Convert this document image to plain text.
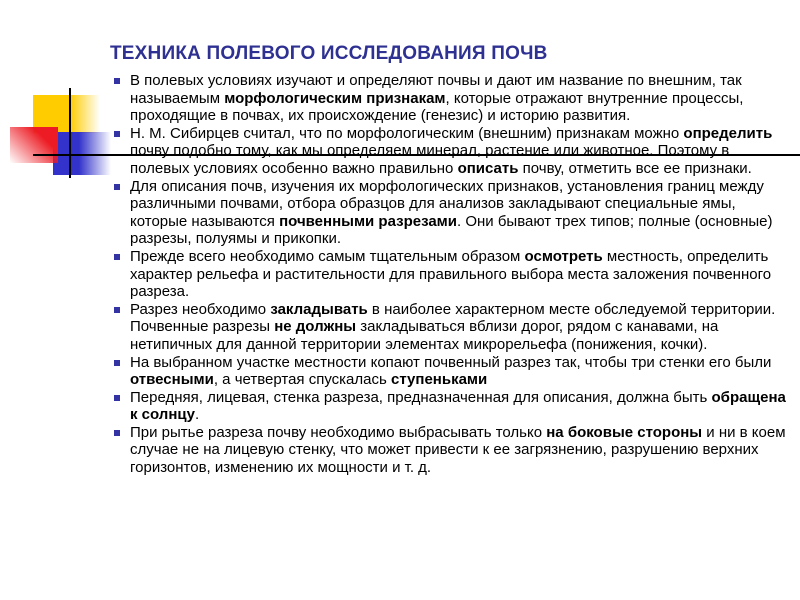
ТЕХНИКА ПОЛЕВОГО ИССЛЕДОВАНИЯ ПОЧВ
В полевых условиях изучают и определяют почвы и дают им название по внешним, так называемым морфологическим признакам, которые отражают внутренние процессы, проходящие в почвах, их происхождение (генезис) и историю развития.
Н. М. Сибирцев считал, что по морфологическим (внешним) признакам можно определить почву подобно тому, как мы определяем минерал, растение или животное. Поэтому в полевых условиях особенно важно правильно описать почву, отметить все ее признаки.
Для описания почв, изучения их морфологических признаков, установления границ между различными почвами, отбора образцов для анализов закладывают специальные ямы, которые называются почвенными разрезами. Они бывают трех типов; полные (основные) разрезы, полуямы и прикопки.
Прежде всего необходимо самым тщательным образом осмотреть местность, определить характер рельефа и растительности для правильного выбора места заложения почвенного разреза.
Разрез необходимо закладывать в наиболее характерном месте обследуемой территории. Почвенные разрезы не должны закладываться вблизи дорог, рядом с канавами, на нетипичных для данной территории элементах микрорельефа (понижения, кочки).
На выбранном участке местности копают почвенный разрез так, чтобы три стенки его были отвесными, а четвертая спускалась ступеньками
Передняя, лицевая, стенка разреза, предназначенная для описания, должна быть обращена к солнцу.
При рытье разреза почву необходимо выбрасывать только на боковые стороны и ни в коем случае не на лицевую стенку, что может привести к ее загрязнению, разрушению верхних горизонтов, изменению их мощности и т. д.
